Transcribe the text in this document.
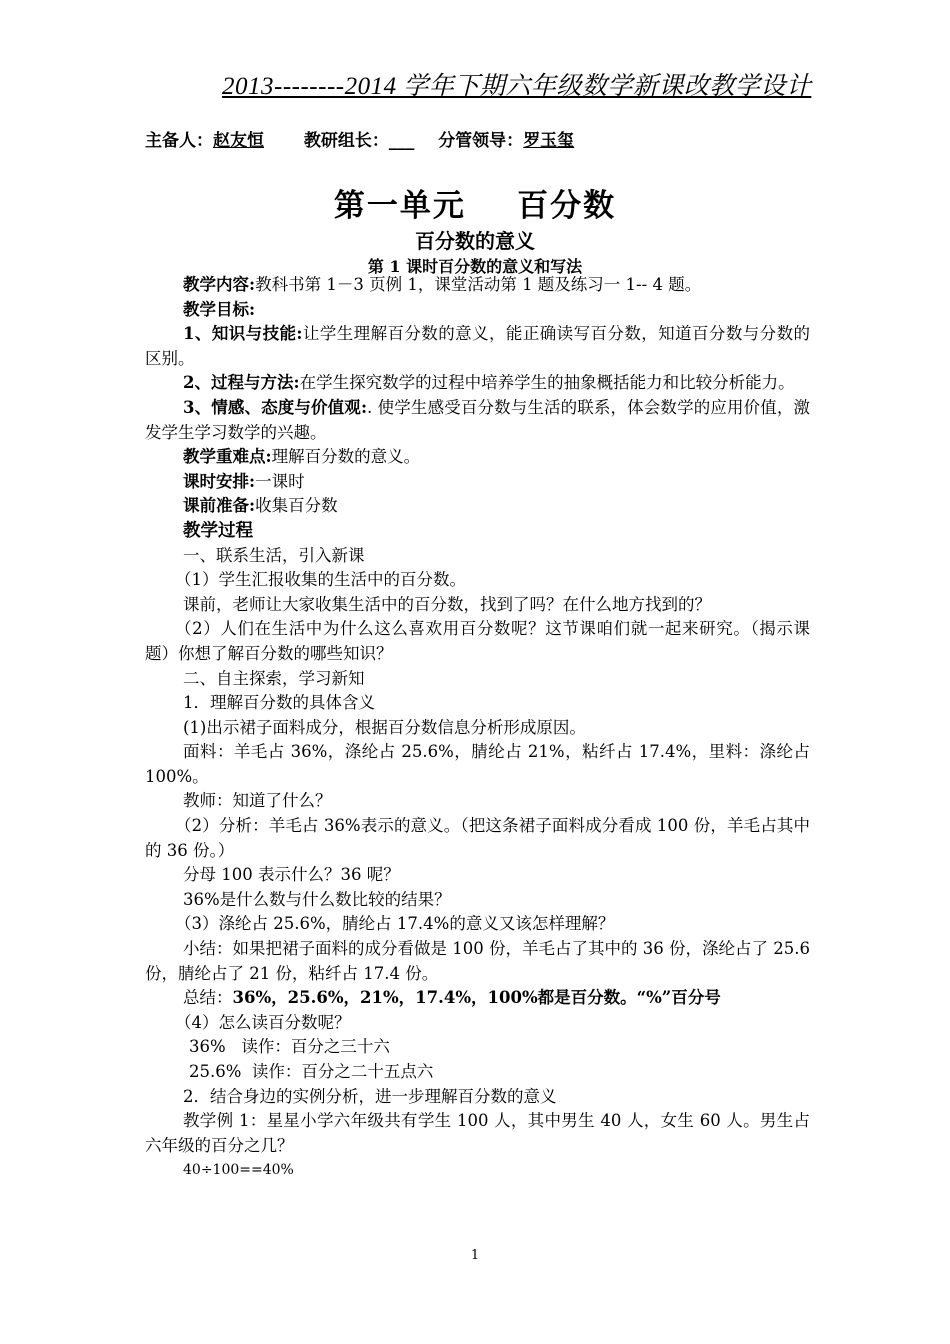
2013--------2014 学年下期六年级数学新课改教学设计
主备人：赵友恒 教研组长：___ 分管领导：罗玉玺
第一单元    百分数
百分数的意义
第 1 课时百分数的意义和写法

教学内容:教科书第 1－3 页例 1，课堂活动第 1 题及练习一 1-- 4 题。

教学目标:

1、知识与技能:让学生理解百分数的意义，能正确读写百分数，知道百分数与分数的区别。

2、过程与方法:在学生探究数学的过程中培养学生的抽象概括能力和比较分析能力。

3、情感、态度与价值观:. 使学生感受百分数与生活的联系，体会数学的应用价值，激发学生学习数学的兴趣。

教学重难点:理解百分数的意义。

课时安排:一课时

课前准备:收集百分数

教学过程

一、联系生活，引入新课

（1）学生汇报收集的生活中的百分数。

课前，老师让大家收集生活中的百分数，找到了吗？在什么地方找到的？

（2）人们在生活中为什么这么喜欢用百分数呢？这节课咱们就一起来研究。（揭示课题）你想了解百分数的哪些知识？

二、自主探索，学习新知

1．理解百分数的具体含义

(1)出示裙子面料成分，根据百分数信息分析形成原因。

面料：羊毛占 36%，涤纶占 25.6%，腈纶占 21%，粘纤占 17.4%，里料：涤纶占 100%。

教师：知道了什么？

（2）分析：羊毛占 36%表示的意义。（把这条裙子面料成分看成 100 份，羊毛占其中的 36 份。）

分母 100 表示什么？36 呢？

36%是什么数与什么数比较的结果？

（3）涤纶占 25.6%，腈纶占 17.4%的意义又该怎样理解？

小结：如果把裙子面料的成分看做是 100 份，羊毛占了其中的 36 份，涤纶占了 25.6 份，腈纶占了 21 份，粘纤占 17.4 份。

总结：36%，25.6%，21%，17.4%，100%都是百分数。“%”百分号

（4）怎么读百分数呢？

36%   读作：百分之三十六

25.6%  读作：百分之二十五点六

2．结合身边的实例分析，进一步理解百分数的意义

教学例 1：星星小学六年级共有学生 100 人，其中男生 40 人，女生 60 人。男生占六年级的百分之几？

40÷100==40%

1
